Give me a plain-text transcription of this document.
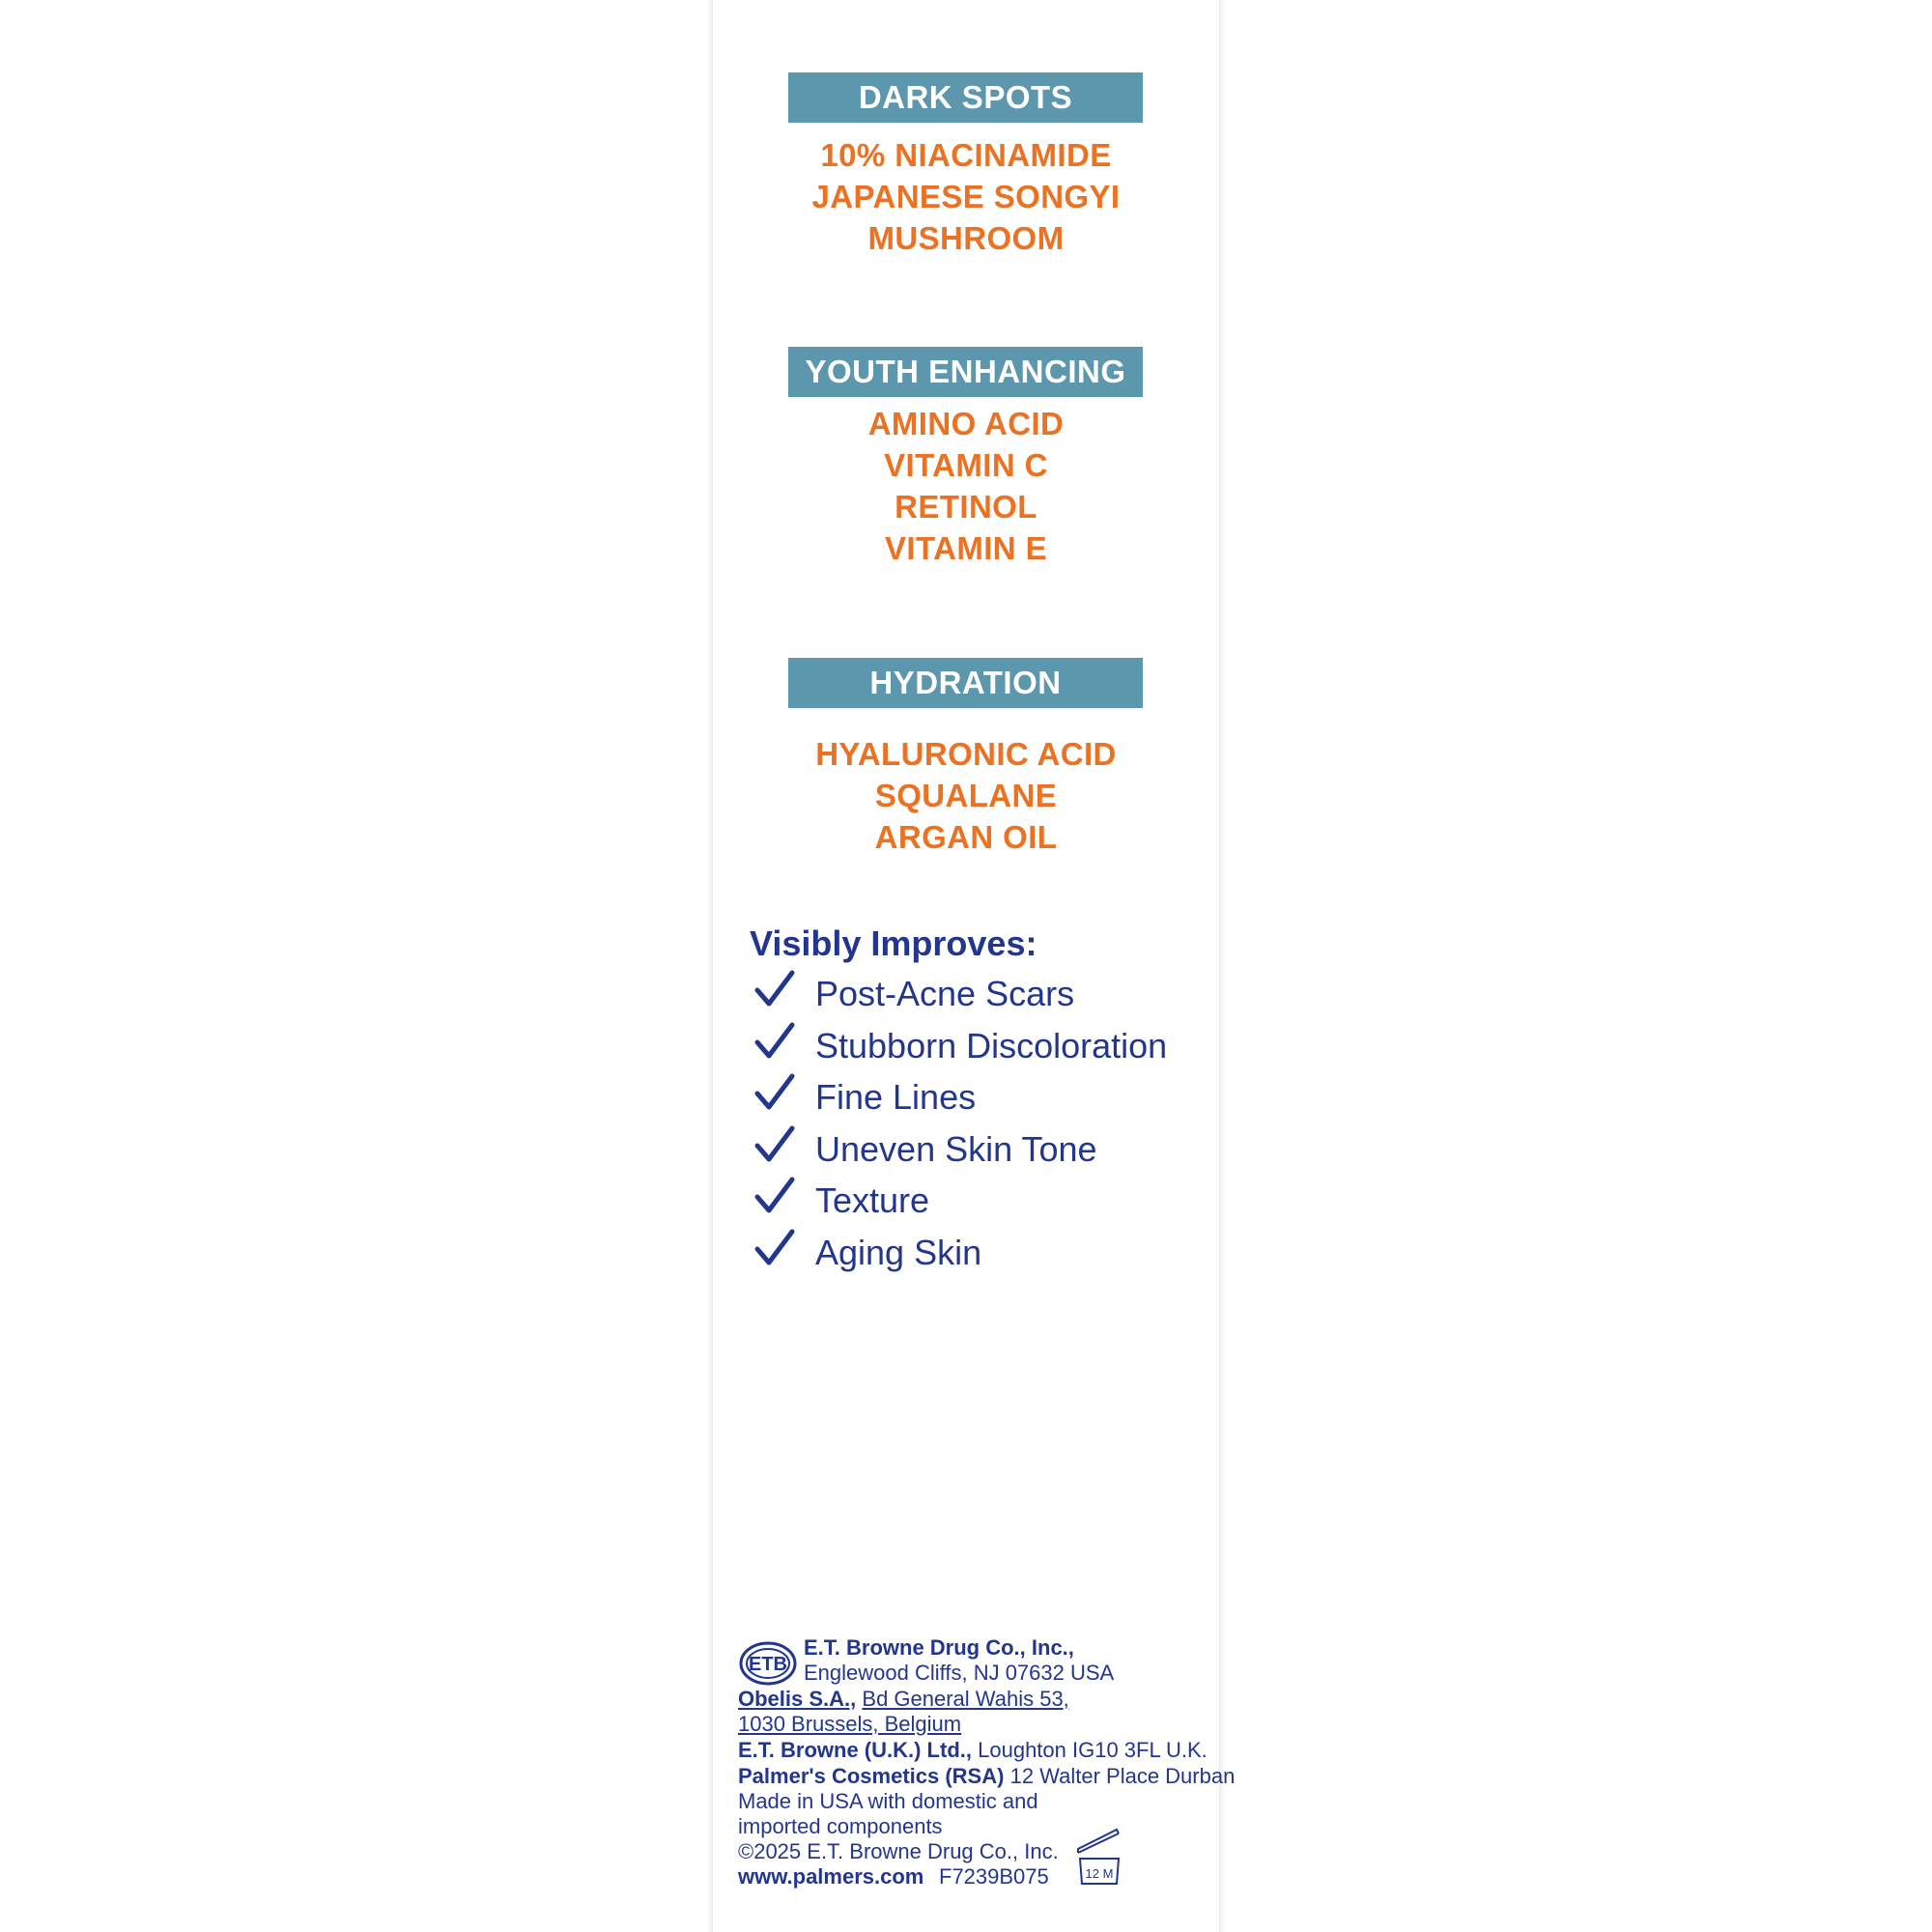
DARK SPOTS
10% NIACINAMIDE
JAPANESE SONGYI
MUSHROOM
YOUTH ENHANCING
AMINO ACID
VITAMIN C
RETINOL
VITAMIN E
HYDRATION
HYALURONIC ACID
SQUALANE
ARGAN OIL
Visibly Improves:
Post-Acne Scars
Stubborn Discoloration
Fine Lines
Uneven Skin Tone
Texture
Aging Skin
ETB
E.T. Browne Drug Co., Inc.,
Englewood Cliffs, NJ 07632 USA
Obelis S.A., Bd General Wahis 53,
1030 Brussels, Belgium
E.T. Browne (U.K.) Ltd., Loughton IG10 3FL U.K.
Palmer's Cosmetics (RSA) 12 Walter Place Durban
Made in USA with domestic and
imported components
©2025 E.T. Browne Drug Co., Inc.
www.palmers.com F7239B075	12 M
